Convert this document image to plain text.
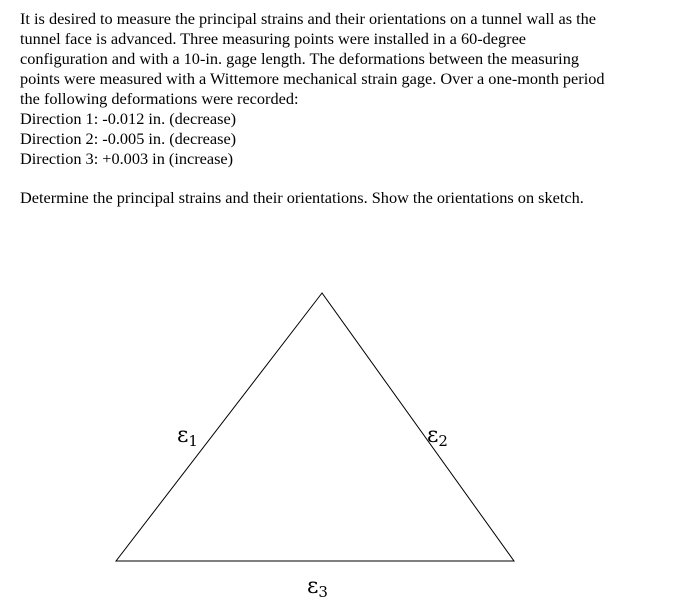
It is desired to measure the principal strains and their orientations on a tunnel wall as the
tunnel face is advanced. Three measuring points were installed in a 60-degree
configuration and with a 10-in. gage length. The deformations between the measuring
points were measured with a Wittemore mechanical strain gage. Over a one-month period
the following deformations were recorded:
Direction 1: -0.012 in. (decrease)
Direction 2: -0.005 in. (decrease)
Direction 3: +0.003 in (increase)
Determine the principal strains and their orientations. Show the orientations on sketch.
$\varepsilon_1$	$\varepsilon_2$
$\varepsilon_3$
